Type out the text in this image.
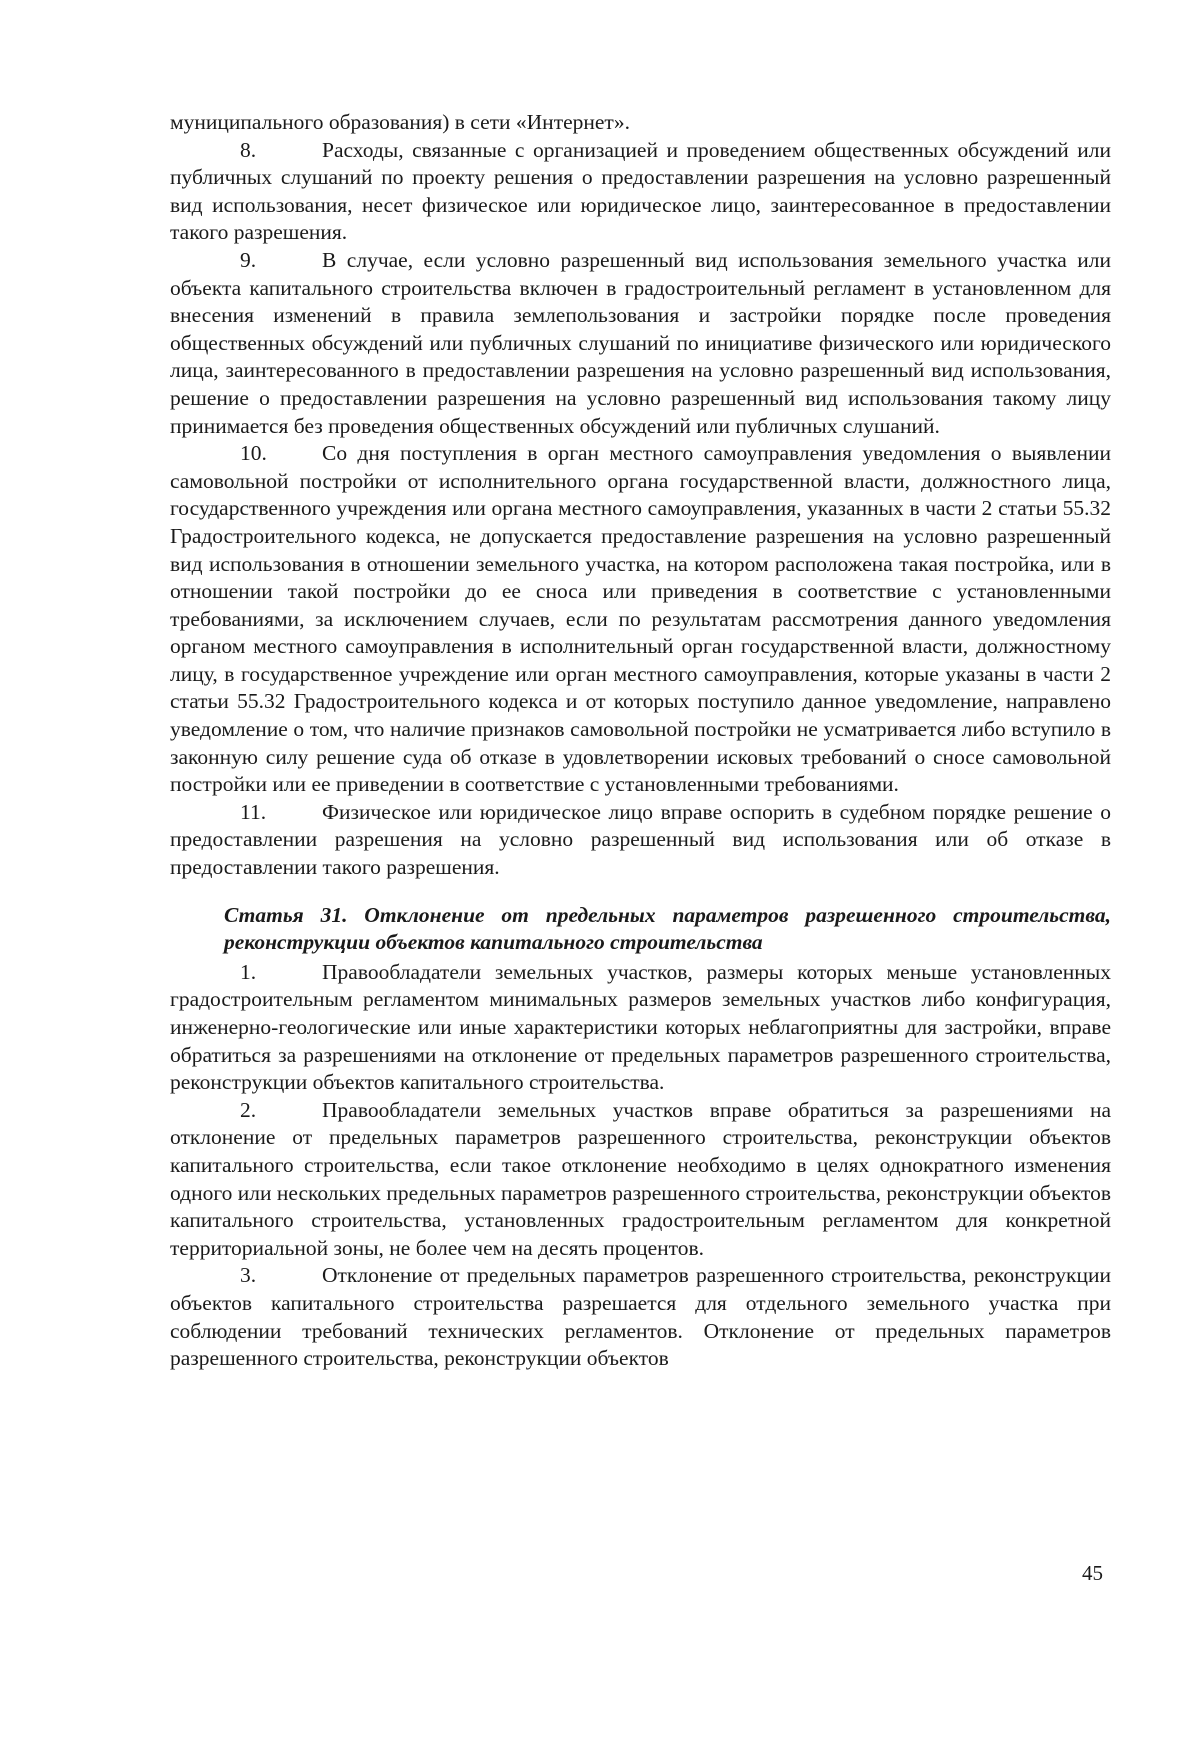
муниципального образования) в сети «Интернет».

8.	Расходы, связанные с организацией и проведением общественных обсуждений или публичных слушаний по проекту решения о предоставлении разрешения на условно разрешенный вид использования, несет физическое или юридическое лицо, заинтересованное в предоставлении такого разрешения.

9.	В случае, если условно разрешенный вид использования земельного участка или объекта капитального строительства включен в градостроительный регламент в установленном для внесения изменений в правила землепользования и застройки порядке после проведения общественных обсуждений или публичных слушаний по инициативе физического или юридического лица, заинтересованного в предоставлении разрешения на условно разрешенный вид использования, решение о предоставлении разрешения на условно разрешенный вид использования такому лицу принимается без проведения общественных обсуждений или публичных слушаний.

10.	Со дня поступления в орган местного самоуправления уведомления о выявлении самовольной постройки от исполнительного органа государственной власти, должностного лица, государственного учреждения или органа местного самоуправления, указанных в части 2 статьи 55.32 Градостроительного кодекса, не допускается предоставление разрешения на условно разрешенный вид использования в отношении земельного участка, на котором расположена такая постройка, или в отношении такой постройки до ее сноса или приведения в соответствие с установленными требованиями, за исключением случаев, если по результатам рассмотрения данного уведомления органом местного самоуправления в исполнительный орган государственной власти, должностному лицу, в государственное учреждение или орган местного самоуправления, которые указаны в части 2 статьи 55.32 Градостроительного кодекса и от которых поступило данное уведомление, направлено уведомление о том, что наличие признаков самовольной постройки не усматривается либо вступило в законную силу решение суда об отказе в удовлетворении исковых требований о сносе самовольной постройки или ее приведении в соответствие с установленными требованиями.

11.	Физическое или юридическое лицо вправе оспорить в судебном порядке решение о предоставлении разрешения на условно разрешенный вид использования или об отказе в предоставлении такого разрешения.

Статья 31. Отклонение от предельных параметров разрешенного строительства, реконструкции объектов капитального строительства

1.	Правообладатели земельных участков, размеры которых меньше установленных градостроительным регламентом минимальных размеров земельных участков либо конфигурация, инженерно-геологические или иные характеристики которых неблагоприятны для застройки, вправе обратиться за разрешениями на отклонение от предельных параметров разрешенного строительства, реконструкции объектов капитального строительства.

2.	Правообладатели земельных участков вправе обратиться за разрешениями на отклонение от предельных параметров разрешенного строительства, реконструкции объектов капитального строительства, если такое отклонение необходимо в целях однократного изменения одного или нескольких предельных параметров разрешенного строительства, реконструкции объектов капитального строительства, установленных градостроительным регламентом для конкретной территориальной зоны, не более чем на десять процентов.

3.	Отклонение от предельных параметров разрешенного строительства, реконструкции объектов капитального строительства разрешается для отдельного земельного участка при соблюдении требований технических регламентов. Отклонение от предельных параметров разрешенного строительства, реконструкции объектов

45
